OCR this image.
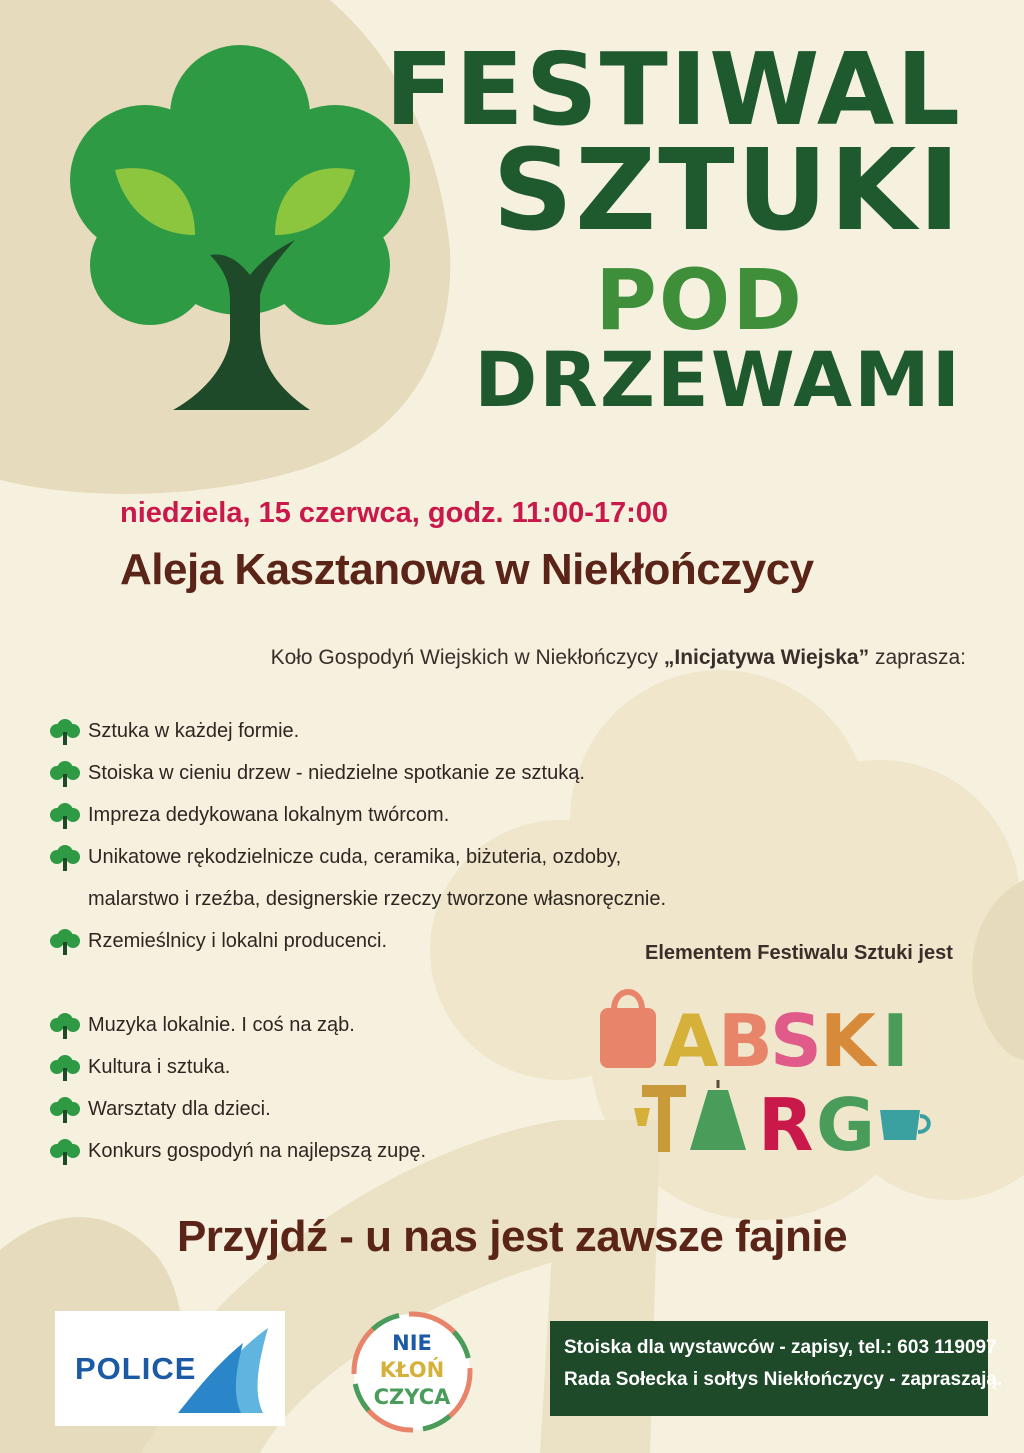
FESTIWAL
SZTUKI
POD
DRZEWAMI

niedziela, 15 czerwca, godz. 11:00-17:00

Aleja Kasztanowa w Niekłończycy

Koło Gospodyń Wiejskich w Niekłończycy „Inicjatywa Wiejska” zaprasza:

Sztuka w każdej formie.
Stoiska w cieniu drzew - niedzielne spotkanie ze sztuką.
Impreza dedykowana lokalnym twórcom.
Unikatowe rękodzielnicze cuda, ceramika, biżuteria, ozdoby,
malarstwo i rzeźba, designerskie rzeczy tworzone własnoręcznie.
Rzemieślnicy i lokalni producenci.
Muzyka lokalnie. I coś na ząb.
Kultura i sztuka.
Warsztaty dla dzieci.
Konkurs gospodyń na najlepszą zupę.

Elementem Festiwalu Sztuki jest

A B
S
K I
R G

Przyjdź - u nas jest zawsze fajnie

POLICE
NIE
KŁOŃ
CZYCA

Stoiska dla wystawców - zapisy, tel.: 603 119097

Rada Sołecka i sołtys Niekłończycy - zapraszają.
